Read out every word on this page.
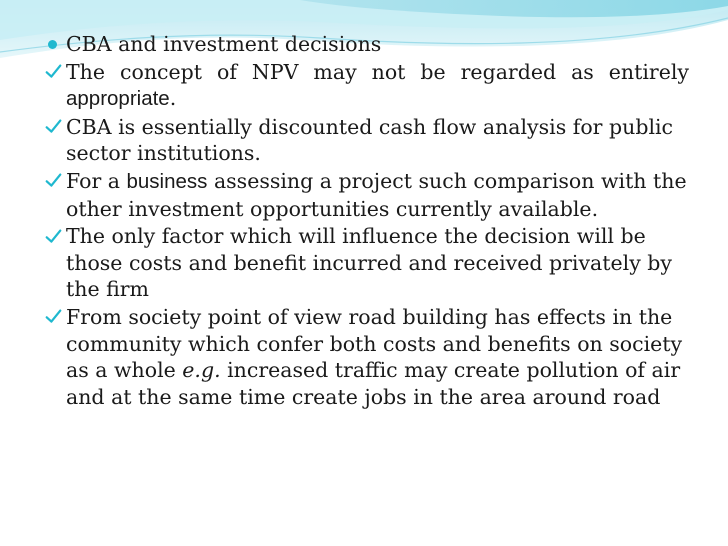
CBA and investment decisions

The concept of NPV may not be regarded as entirely
appropriate.

CBA is essentially discounted cash flow analysis for public sector institutions.

For a business assessing a project such comparison with the other investment opportunities currently available.

The only factor which will influence the decision will be those costs and benefit incurred and received privately by the firm

From society point of view road building has effects in the community which confer both costs and benefits on society as a whole e.g. increased traffic may create pollution of air and at the same time create jobs in the area around road
